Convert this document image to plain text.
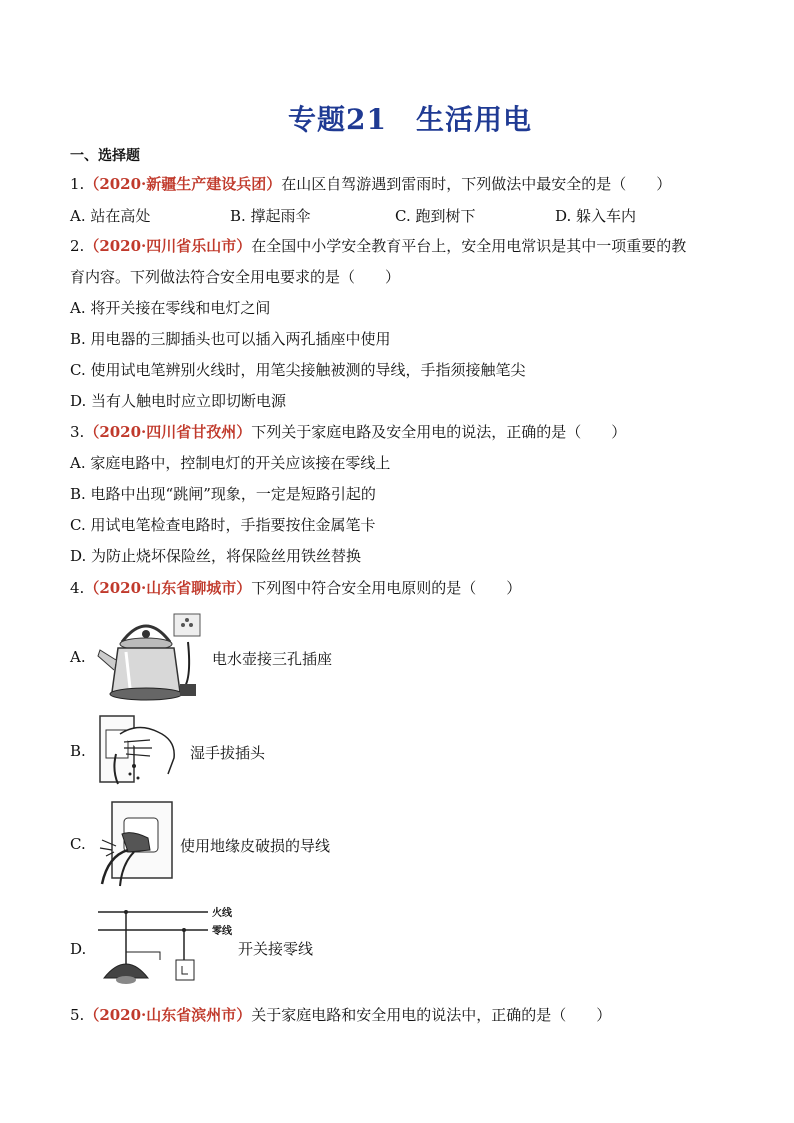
专题21　生活用电
一、选择题
1.（2020·新疆生产建设兵团）在山区自驾游遇到雷雨时，下列做法中最安全的是（　　）
A. 站在高处	B. 撑起雨伞	C. 跑到树下	D. 躲入车内
2.（2020·四川省乐山市）在全国中小学安全教育平台上，安全用电常识是其中一项重要的教
育内容。下列做法符合安全用电要求的是（　　）
A. 将开关接在零线和电灯之间
B. 用电器的三脚插头也可以插入两孔插座中使用
C. 使用试电笔辨别火线时，用笔尖接触被测的导线，手指须接触笔尖
D. 当有人触电时应立即切断电源
3.（2020·四川省甘孜州）下列关于家庭电路及安全用电的说法，正确的是（　　）
A. 家庭电路中，控制电灯的开关应该接在零线上
B. 电路中出现“跳闸”现象，一定是短路引起的
C. 用试电笔检查电路时，手指要按住金属笔卡
D. 为防止烧坏保险丝，将保险丝用铁丝替换
4.（2020·山东省聊城市）下列图中符合安全用电原则的是（　　）
A.	电水壶接三孔插座
B.	湿手拔插头
C.	使用地缘皮破损的导线
D.
火线
零线
开关接零线
5.（2020·山东省滨州市）关于家庭电路和安全用电的说法中，正确的是（　　）
